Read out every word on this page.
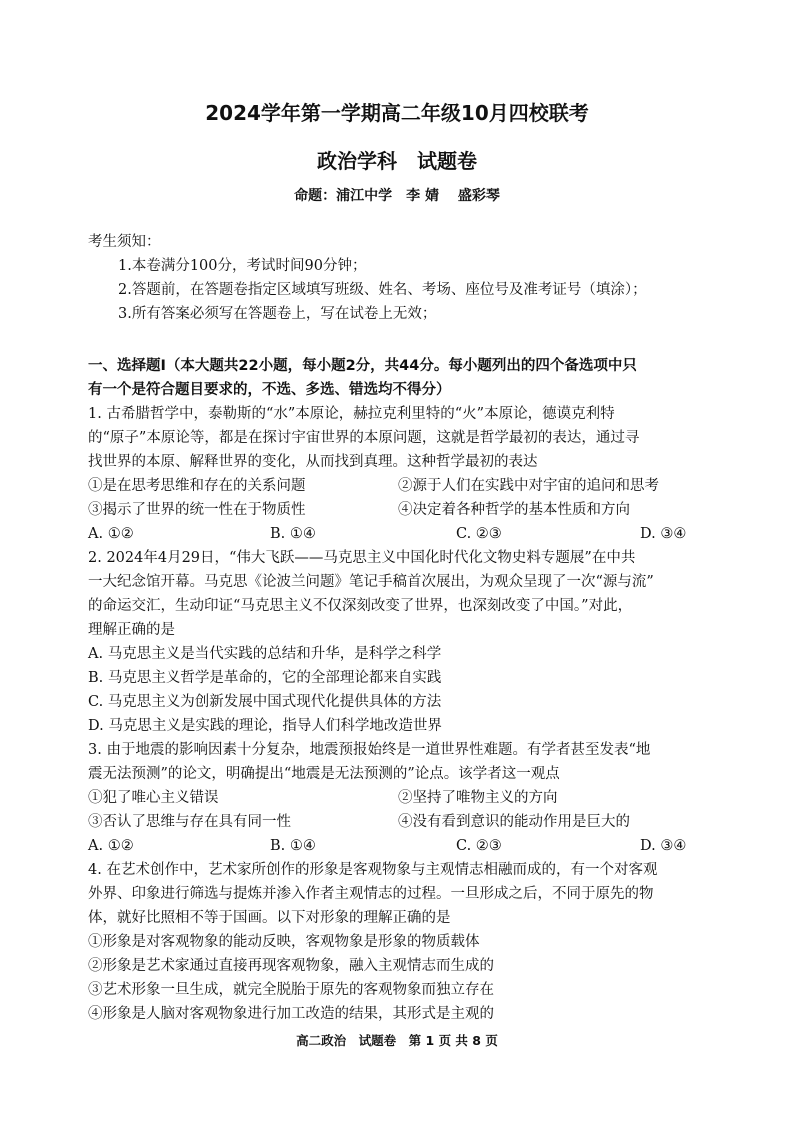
2024学年第一学期高二年级10月四校联考
政治学科　试题卷
命题：浦江中学　李 婧　 盛彩琴
考生须知：
1.本卷满分100分，考试时间90分钟；
2.答题前，在答题卷指定区域填写班级、姓名、考场、座位号及准考证号（填涂）；
3.所有答案必须写在答题卷上，写在试卷上无效；
一、选择题Ⅰ（本大题共22小题，每小题2分，共44分。每小题列出的四个备选项中只
有一个是符合题目要求的，不选、多选、错选均不得分）
1. 古希腊哲学中，泰勒斯的“水”本原论，赫拉克利里特的“火”本原论，德谟克利特
的“原子”本原论等，都是在探讨宇宙世界的本原问题，这就是哲学最初的表达，通过寻
找世界的本原、解释世界的变化，从而找到真理。这种哲学最初的表达
①是在思考思维和存在的关系问题	②源于人们在实践中对宇宙的追问和思考
③揭示了世界的统一性在于物质性	④决定着各种哲学的基本性质和方向
A. ①②	B. ①④	C. ②③	D. ③④
2. 2024年4月29日，“伟大飞跃——马克思主义中国化时代化文物史料专题展”在中共
一大纪念馆开幕。马克思《论波兰问题》笔记手稿首次展出，为观众呈现了一次“源与流”
的命运交汇，生动印证“马克思主义不仅深刻改变了世界，也深刻改变了中国。”对此，
理解正确的是
A. 马克思主义是当代实践的总结和升华，是科学之科学
B. 马克思主义哲学是革命的，它的全部理论都来自实践
C. 马克思主义为创新发展中国式现代化提供具体的方法
D. 马克思主义是实践的理论，指导人们科学地改造世界
3. 由于地震的影响因素十分复杂，地震预报始终是一道世界性难题。有学者甚至发表“地
震无法预测”的论文，明确提出“地震是无法预测的”论点。该学者这一观点
①犯了唯心主义错误	②坚持了唯物主义的方向
③否认了思维与存在具有同一性	④没有看到意识的能动作用是巨大的
A. ①②	B. ①④	C. ②③	D. ③④
4. 在艺术创作中，艺术家所创作的形象是客观物象与主观情志相融而成的，有一个对客观
外界、印象进行筛选与提炼并渗入作者主观情志的过程。一旦形成之后，不同于原先的物
体，就好比照相不等于国画。以下对形象的理解正确的是
①形象是对客观物象的能动反映，客观物象是形象的物质载体
②形象是艺术家通过直接再现客观物象，融入主观情志而生成的
③艺术形象一旦生成，就完全脱胎于原先的客观物象而独立存在
④形象是人脑对客观物象进行加工改造的结果，其形式是主观的
高二政治　试题卷　第 1 页 共 8 页
